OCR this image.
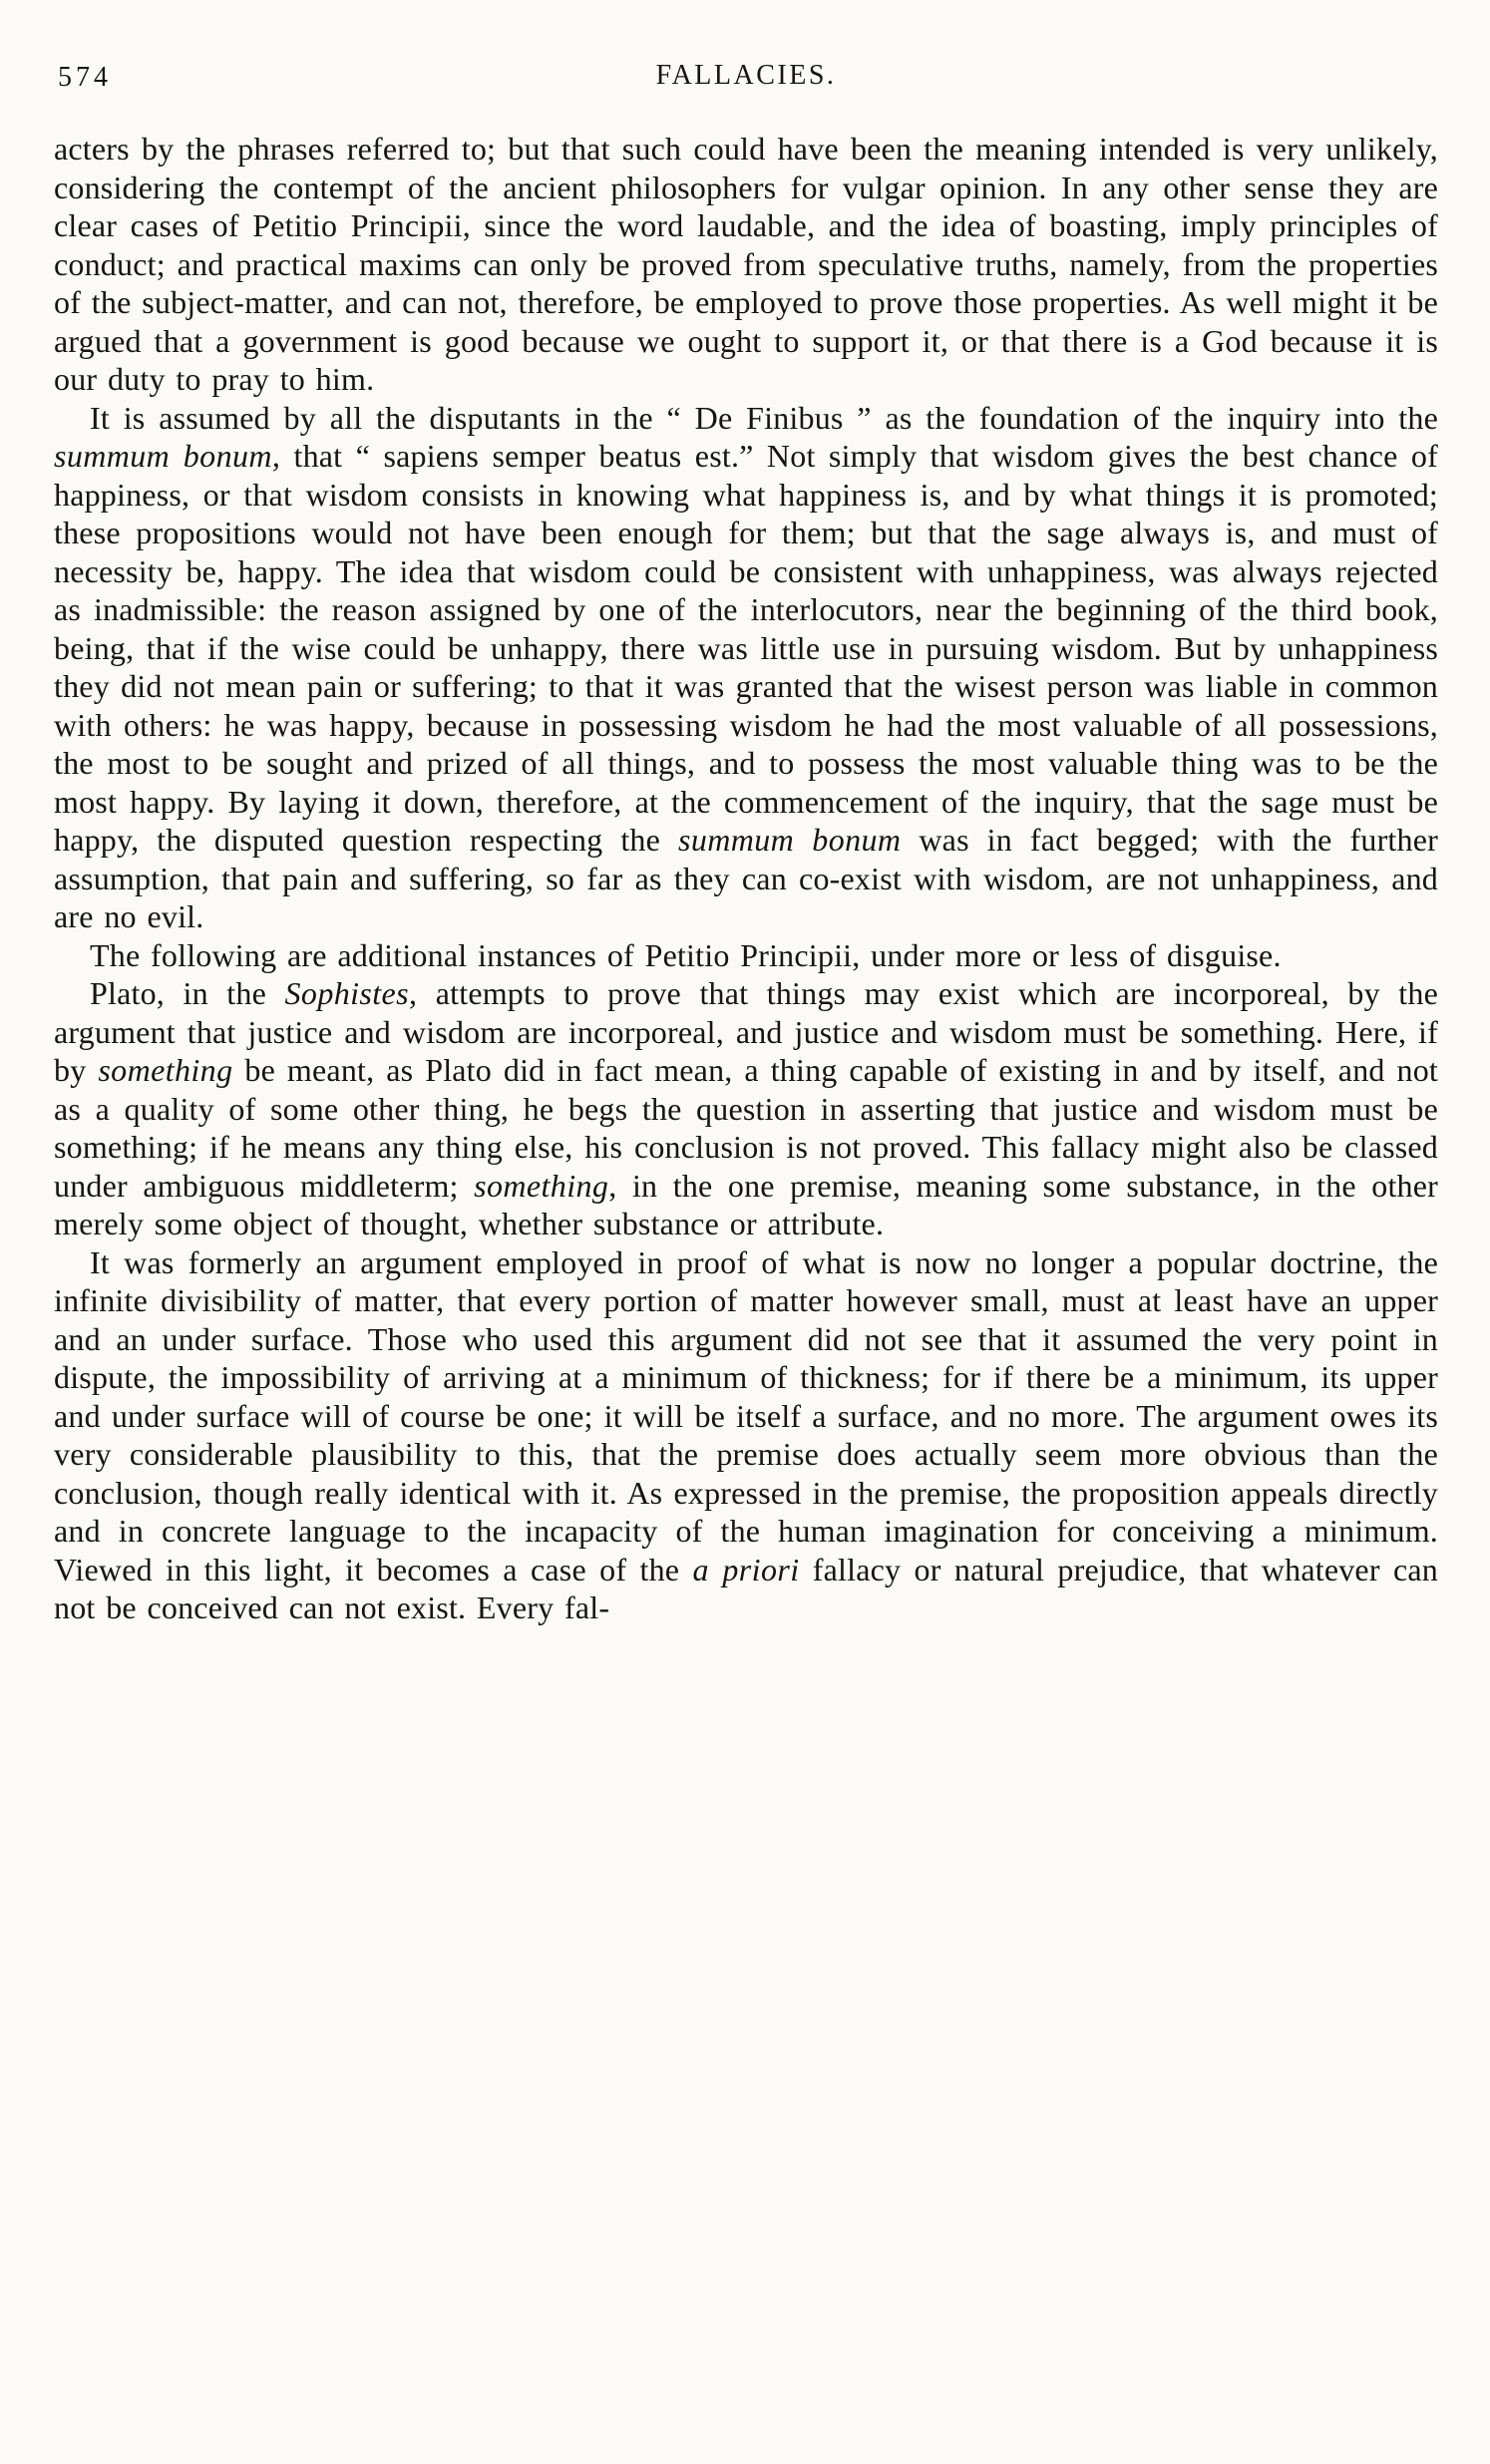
574	FALLACIES.

acters by the phrases referred to; but that such could have been the meaning intended is very unlikely, considering the contempt of the ancient philosophers for vulgar opinion. In any other sense they are clear cases of Petitio Principii, since the word laudable, and the idea of boasting, imply principles of conduct; and practical maxims can only be proved from speculative truths, namely, from the properties of the subject-matter, and can not, therefore, be employed to prove those properties. As well might it be argued that a government is good because we ought to support it, or that there is a God because it is our duty to pray to him.

It is assumed by all the disputants in the “ De Finibus ” as the foundation of the inquiry into the summum bonum, that “ sapiens semper beatus est.” Not simply that wisdom gives the best chance of happiness, or that wisdom consists in knowing what happiness is, and by what things it is promoted; these propositions would not have been enough for them; but that the sage always is, and must of necessity be, happy. The idea that wisdom could be consistent with unhappiness, was always rejected as inadmissible: the reason assigned by one of the interlocutors, near the beginning of the third book, being, that if the wise could be unhappy, there was little use in pursuing wisdom. But by unhappiness they did not mean pain or suffering; to that it was granted that the wisest person was liable in common with others: he was happy, because in possessing wisdom he had the most valuable of all possessions, the most to be sought and prized of all things, and to possess the most valuable thing was to be the most happy. By laying it down, therefore, at the commencement of the inquiry, that the sage must be happy, the disputed question respecting the summum bonum was in fact begged; with the further assumption, that pain and suffering, so far as they can co-exist with wisdom, are not unhappiness, and are no evil.

The following are additional instances of Petitio Principii, under more or less of disguise.

Plato, in the Sophistes, attempts to prove that things may exist which are incorporeal, by the argument that justice and wisdom are incorporeal, and justice and wisdom must be something. Here, if by something be meant, as Plato did in fact mean, a thing capable of existing in and by itself, and not as a quality of some other thing, he begs the question in asserting that justice and wisdom must be something; if he means any thing else, his conclusion is not proved. This fallacy might also be classed under ambiguous middleterm; something, in the one premise, meaning some substance, in the other merely some object of thought, whether substance or attribute.

It was formerly an argument employed in proof of what is now no longer a popular doctrine, the infinite divisibility of matter, that every portion of matter however small, must at least have an upper and an under surface. Those who used this argument did not see that it assumed the very point in dispute, the impossibility of arriving at a minimum of thickness; for if there be a minimum, its upper and under surface will of course be one; it will be itself a surface, and no more. The argument owes its very considerable plausibility to this, that the premise does actually seem more obvious than the conclusion, though really identical with it. As expressed in the premise, the proposition appeals directly and in concrete language to the incapacity of the human imagination for conceiving a minimum. Viewed in this light, it becomes a case of the a priori fallacy or natural prejudice, that whatever can not be conceived can not exist. Every fal-
